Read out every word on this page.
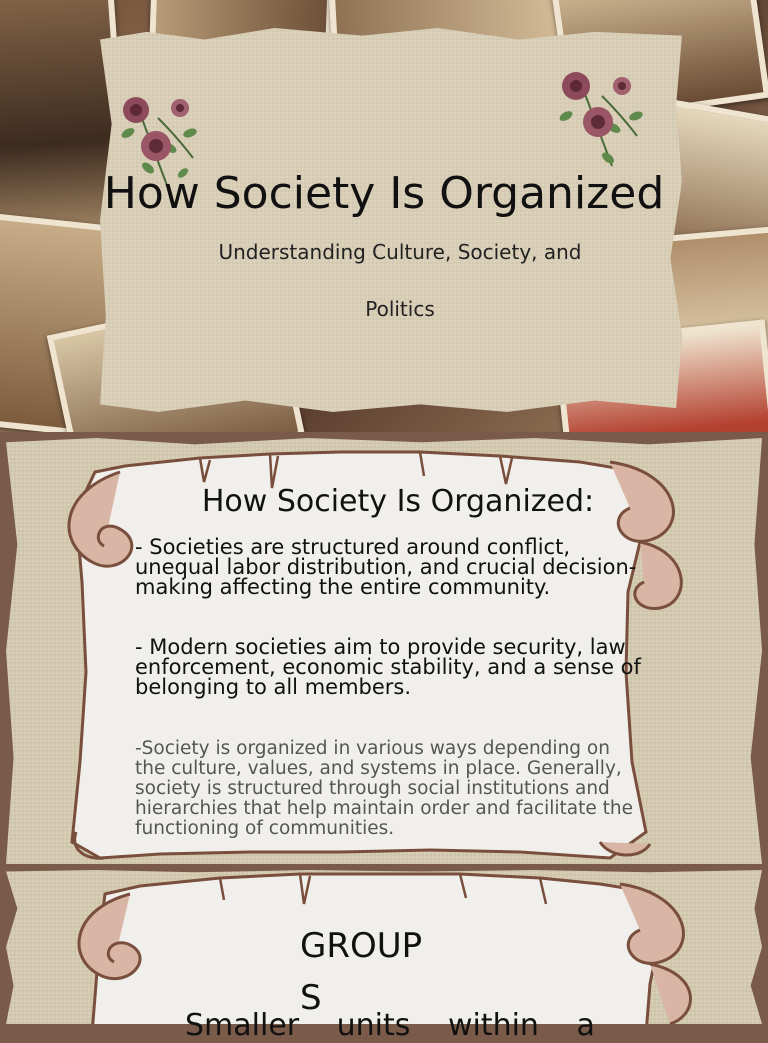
How Society Is Organized

Understanding Culture, Society, and
Politics

How Society Is Organized:

- Societies are structured around conflict, unequal labor distribution, and crucial decision-making affecting the entire community.

- Modern societies aim to provide security, law enforcement, economic stability, and a sense of belonging to all members.

-Society is organized in various ways depending on the culture, values, and systems in place. Generally, society is structured through social institutions and hierarchies that help maintain order and facilitate the functioning of communities.

GROUPS

Smaller units within a
